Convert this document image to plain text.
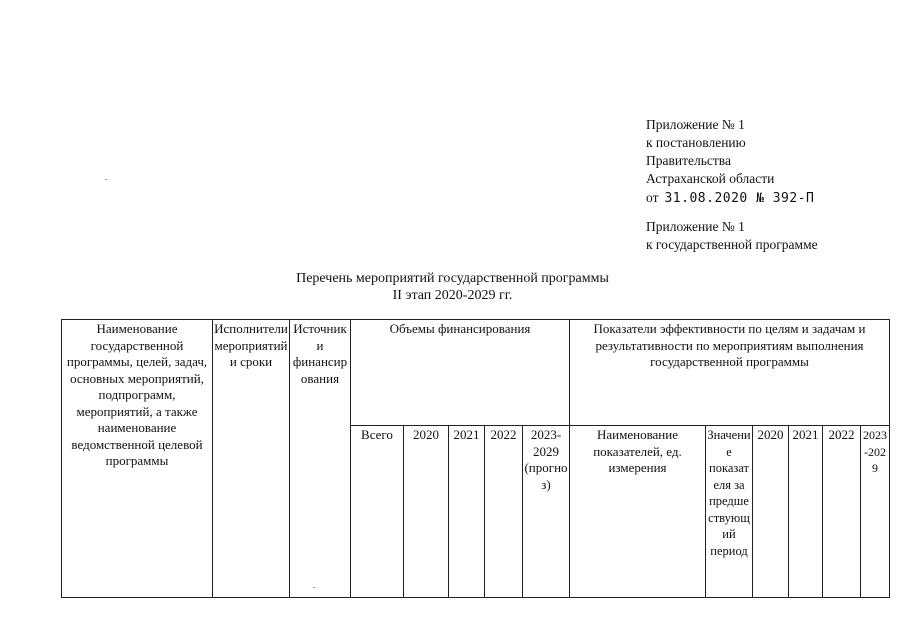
Приложение № 1
к постановлению
Правительства
Астраханской области
от 31.08.2020 № 392-П
Приложение № 1
к государственной программе
Перечень мероприятий государственной программы
II этап 2020-2029 гг.
Наименование государственной программы, целей, задач, основных мероприятий, подпрограмм, мероприятий, а также наименование ведомственной целевой программы	Исполнители мероприятий и сроки	Источники финансирования	Объемы финансирования					Показатели эффективности по целям и задачам и результативности по мероприятиям выполнения государственной программы					
			Всего	2020	2021	2022	2023-2029 (прогноз)	Наименование показателей, ед. измерения	Значение показателя за предшествующий период	2020	2021	2022	2023-2029
